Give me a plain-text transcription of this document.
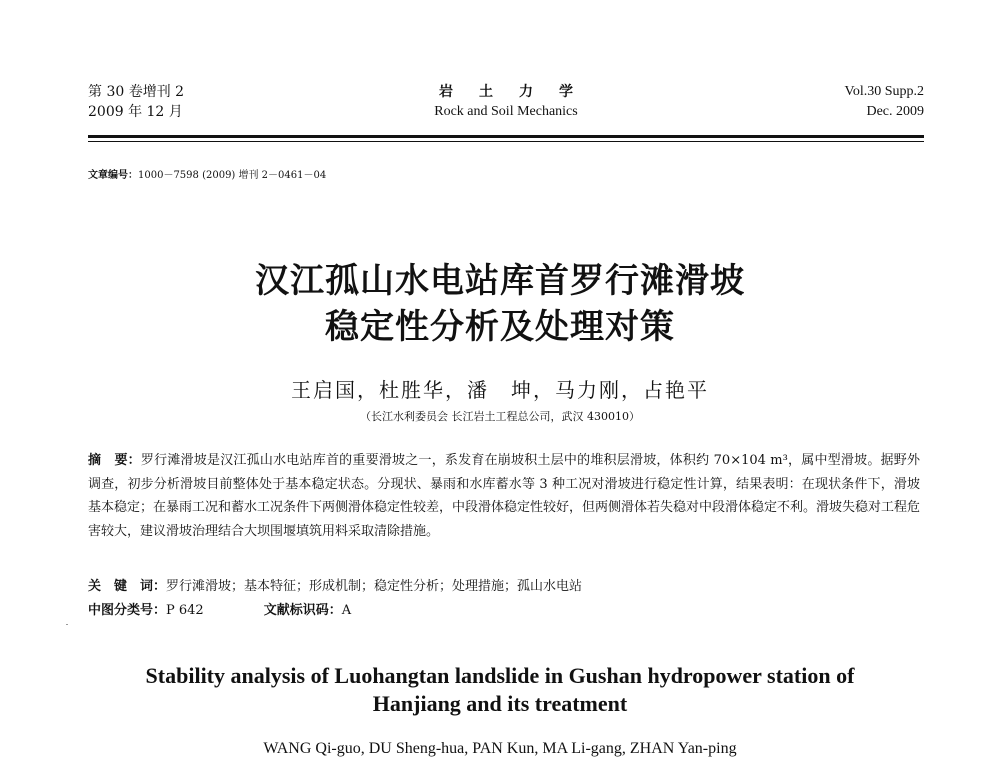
第 30 卷增刊 2
2009 年 12 月
岩土力学
Rock and Soil Mechanics
Vol.30 Supp.2
Dec. 2009
文章编号：1000－7598 (2009) 增刊 2－0461－04
汉江孤山水电站库首罗行滩滑坡
稳定性分析及处理对策
王启国，杜胜华，潘　坤，马力刚，占艳平
（长江水利委员会 长江岩土工程总公司，武汉 430010）
摘　要：罗行滩滑坡是汉江孤山水电站库首的重要滑坡之一，系发育在崩坡积土层中的堆积层滑坡，体积约 70×104 m³，属中型滑坡。据野外调查，初步分析滑坡目前整体处于基本稳定状态。分现状、暴雨和水库蓄水等 3 种工况对滑坡进行稳定性计算，结果表明：在现状条件下，滑坡基本稳定；在暴雨工况和蓄水工况条件下两侧滑体稳定性较差，中段滑体稳定性较好，但两侧滑体若失稳对中段滑体稳定不利。滑坡失稳对工程危害较大，建议滑坡治理结合大坝围堰填筑用料采取清除措施。
关　键　词：罗行滩滑坡；基本特征；形成机制；稳定性分析；处理措施；孤山水电站
中图分类号：P 642	文献标识码：A
Stability analysis of Luohangtan landslide in Gushan hydropower station of
Hanjiang and its treatment
WANG Qi-guo, DU Sheng-hua, PAN Kun, MA Li-gang, ZHAN Yan-ping
